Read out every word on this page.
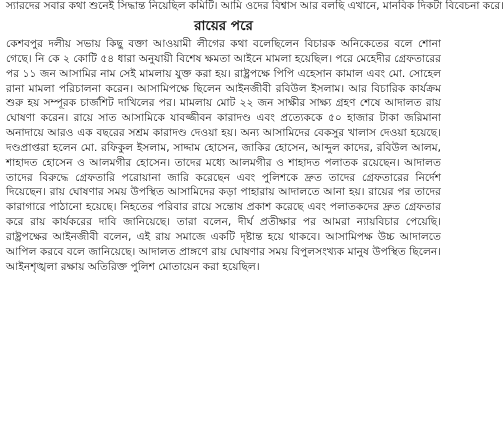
স্যারদের সবার কথা শুনেই সিদ্ধান্ত নিয়েছিল কমিটি। আমি ওদের বিশ্বাস আর বলছি এখানে, মানবিক দিকটা বিবেচনা করে।
রায়ের পরে

কেশবপুর দলীয় সভায় কিছু বক্তা আওয়ামী লীগের কথা বলেছিলেন বিচারক অনিকেতের বলে শোনা গেছে। নি কে ২ কোটি ৫৪ ধারা অনুযায়ী বিশেষ ক্ষমতা আইনে মামলা হয়েছিল। পরে মেহেদীর গ্রেফতারের পর ১১ জন আসামির নাম সেই মামলায় যুক্ত করা হয়। রাষ্ট্রপক্ষে পিপি এহেসান কামাল এবং মো. সোহেল রানা মামলা পরিচালনা করেন। আসামিপক্ষে ছিলেন আইনজীবী রবিউল ইসলাম। আর বিচারিক কার্যক্রম শুরু হয় সম্পূরক চার্জশিট দাখিলের পর। মামলায় মোট ২২ জন সাক্ষীর সাক্ষ্য গ্রহণ শেষে আদালত রায় ঘোষণা করেন। রায়ে সাত আসামিকে যাবজ্জীবন কারাদণ্ড এবং প্রত্যেককে ৫০ হাজার টাকা জরিমানা অনাদায়ে আরও এক বছরের সশ্রম কারাদণ্ড দেওয়া হয়। অন্য আসামিদের বেকসুর খালাস দেওয়া হয়েছে। দণ্ডপ্রাপ্তরা হলেন মো. রফিকুল ইসলাম, সাদ্দাম হোসেন, জাকির হোসেন, আব্দুল কাদের, রবিউল আলম, শাহাদত হোসেন ও আলমগীর হোসেন। তাদের মধ্যে আলমগীর ও শাহাদত পলাতক রয়েছেন। আদালত তাদের বিরুদ্ধে গ্রেফতারি পরোয়ানা জারি করেছেন এবং পুলিশকে দ্রুত তাদের গ্রেফতারের নির্দেশ দিয়েছেন। রায় ঘোষণার সময় উপস্থিত আসামিদের কড়া পাহারায় আদালতে আনা হয়। রায়ের পর তাদের কারাগারে পাঠানো হয়েছে। নিহতের পরিবার রায়ে সন্তোষ প্রকাশ করেছে এবং পলাতকদের দ্রুত গ্রেফতার করে রায় কার্যকরের দাবি জানিয়েছে। তারা বলেন, দীর্ঘ প্রতীক্ষার পর আমরা ন্যায়বিচার পেয়েছি। রাষ্ট্রপক্ষের আইনজীবী বলেন, এই রায় সমাজে একটি দৃষ্টান্ত হয়ে থাকবে। আসামিপক্ষ উচ্চ আদালতে আপিল করবে বলে জানিয়েছে। আদালত প্রাঙ্গণে রায় ঘোষণার সময় বিপুলসংখ্যক মানুষ উপস্থিত ছিলেন। আইনশৃঙ্খলা রক্ষায় অতিরিক্ত পুলিশ মোতায়েন করা হয়েছিল।
